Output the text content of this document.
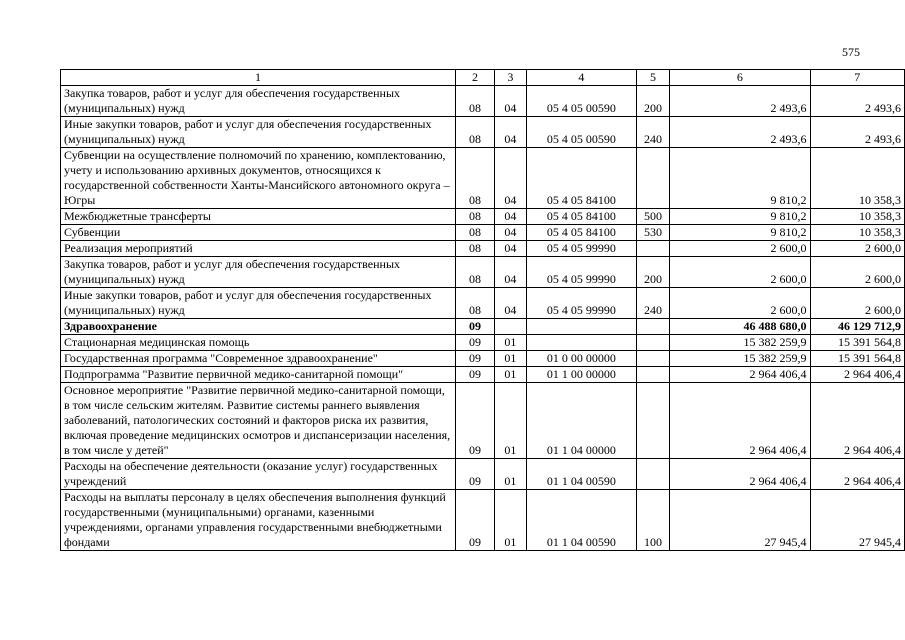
575
1	2	3	4	5	6	7
Закупка товаров, работ и услуг для обеспечения государственных (муниципальных) нужд	08	04	05 4 05 00590	200	2 493,6	2 493,6
Иные закупки товаров, работ и услуг для обеспечения государственных (муниципальных) нужд	08	04	05 4 05 00590	240	2 493,6	2 493,6
Субвенции на осуществление полномочий по хранению, комплектованию, учету и использованию архивных документов, относящихся к государственной собственности Ханты-Мансийского автономного округа – Югры	08	04	05 4 05 84100		9 810,2	10 358,3
Межбюджетные трансферты	08	04	05 4 05 84100	500	9 810,2	10 358,3
Субвенции	08	04	05 4 05 84100	530	9 810,2	10 358,3
Реализация мероприятий	08	04	05 4 05 99990		2 600,0	2 600,0
Закупка товаров, работ и услуг для обеспечения государственных (муниципальных) нужд	08	04	05 4 05 99990	200	2 600,0	2 600,0
Иные закупки товаров, работ и услуг для обеспечения государственных (муниципальных) нужд	08	04	05 4 05 99990	240	2 600,0	2 600,0
Здравоохранение	09				46 488 680,0	46 129 712,9
Стационарная медицинская помощь	09	01			15 382 259,9	15 391 564,8
Государственная программа "Современное здравоохранение"	09	01	01 0 00 00000		15 382 259,9	15 391 564,8
Подпрограмма "Развитие первичной медико-санитарной помощи"	09	01	01 1 00 00000		2 964 406,4	2 964 406,4
Основное мероприятие "Развитие первичной медико-санитарной помощи, в том числе сельским жителям. Развитие системы раннего выявления заболеваний, патологических состояний и факторов риска их развития, включая проведение медицинских осмотров и диспансеризации населения, в том числе у детей"	09	01	01 1 04 00000		2 964 406,4	2 964 406,4
Расходы на обеспечение деятельности (оказание услуг) государственных учреждений	09	01	01 1 04 00590		2 964 406,4	2 964 406,4
Расходы на выплаты персоналу в целях обеспечения выполнения функций государственными (муниципальными) органами, казенными учреждениями, органами управления государственными внебюджетными фондами	09	01	01 1 04 00590	100	27 945,4	27 945,4
